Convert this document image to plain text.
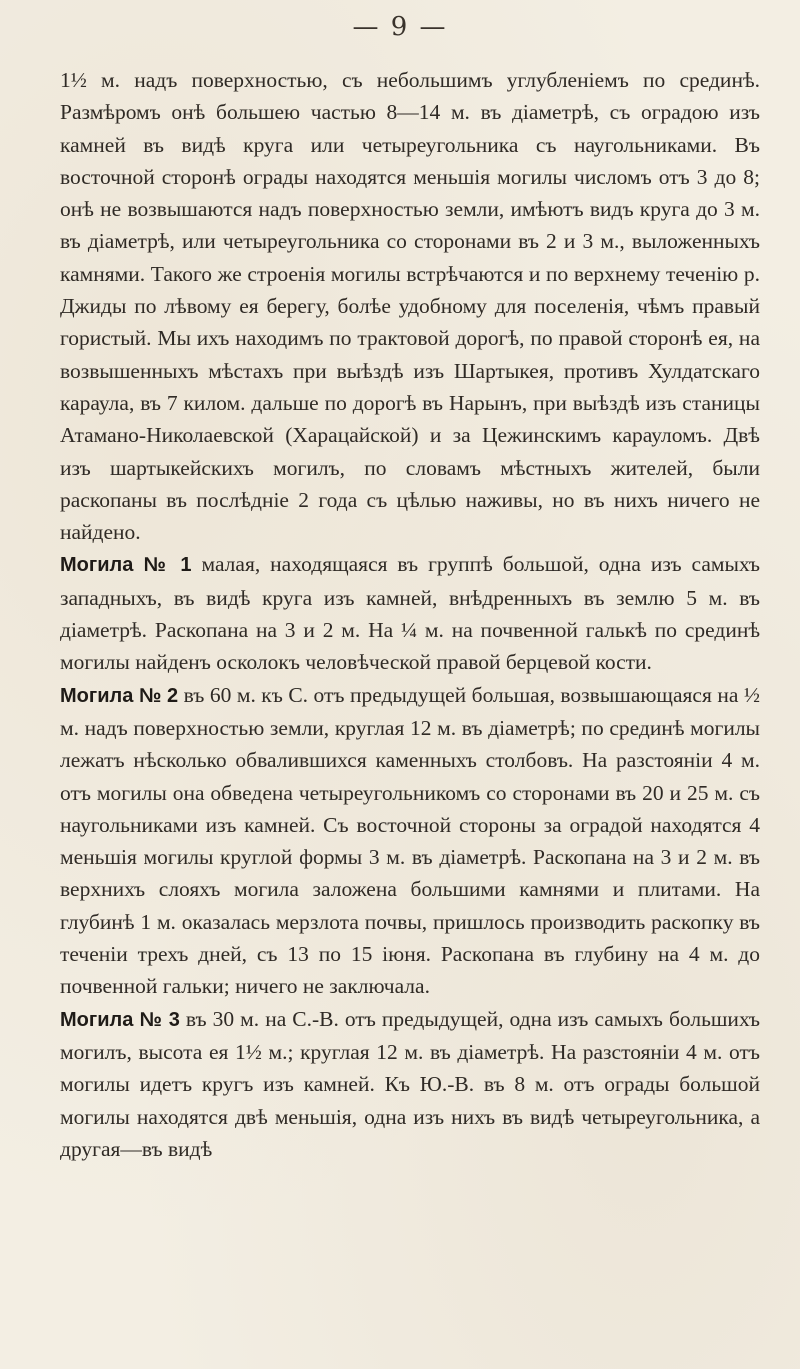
— 9 —

1½ м. надъ поверхностью, съ небольшимъ углубленіемъ по срединѣ. Размѣромъ онѣ большею частью 8—14 м. въ діаметрѣ, съ оградою изъ камней въ видѣ круга или четыреугольника съ наугольниками. Въ восточной сторонѣ ограды находятся меньшія могилы числомъ отъ 3 до 8; онѣ не возвышаются надъ поверхностью земли, имѣютъ видъ круга до 3 м. въ діаметрѣ, или четыреугольника со сторонами въ 2 и 3 м., выложенныхъ камнями. Такого же строенія могилы встрѣчаются и по верхнему теченію р. Джиды по лѣвому ея берегу, болѣе удобному для поселенія, чѣмъ правый гористый. Мы ихъ находимъ по трактовой дорогѣ, по правой сторонѣ ея, на возвышенныхъ мѣстахъ при выѣздѣ изъ Шартыкея, противъ Хулдатскаго караула, въ 7 килом. дальше по дорогѣ въ Нарынъ, при выѣздѣ изъ станицы Атамано-Николаевской (Харацайской) и за Цежинскимъ карауломъ. Двѣ изъ шартыкейскихъ могилъ, по словамъ мѣстныхъ жителей, были раскопаны въ послѣдніе 2 года съ цѣлью наживы, но въ нихъ ничего не найдено.

Могила № 1 малая, находящаяся въ группѣ большой, одна изъ самыхъ западныхъ, въ видѣ круга изъ камней, внѣдренныхъ въ землю 5 м. въ діаметрѣ. Раскопана на 3 и 2 м. На ¼ м. на почвенной галькѣ по срединѣ могилы найденъ осколокъ человѣческой правой берцевой кости.

Могила № 2 въ 60 м. къ С. отъ предыдущей большая, возвышающаяся на ½ м. надъ поверхностью земли, круглая 12 м. въ діаметрѣ; по срединѣ могилы лежатъ нѣсколько обвалившихся каменныхъ столбовъ. На разстояніи 4 м. отъ могилы она обведена четыреугольникомъ со сторонами въ 20 и 25 м. съ наугольниками изъ камней. Съ восточной стороны за оградой находятся 4 меньшія могилы круглой формы 3 м. въ діаметрѣ. Раскопана на 3 и 2 м. въ верхнихъ слояхъ могила заложена большими камнями и плитами. На глубинѣ 1 м. оказалась мерзлота почвы, пришлось производить раскопку въ теченіи трехъ дней, съ 13 по 15 іюня. Раскопана въ глубину на 4 м. до почвенной гальки; ничего не заключала.

Могила № 3 въ 30 м. на С.-В. отъ предыдущей, одна изъ самыхъ большихъ могилъ, высота ея 1½ м.; круглая 12 м. въ діаметрѣ. На разстояніи 4 м. отъ могилы идетъ кругъ изъ камней. Къ Ю.-В. въ 8 м. отъ ограды большой могилы находятся двѣ меньшія, одна изъ нихъ въ видѣ четыреугольника, а другая—въ видѣ
